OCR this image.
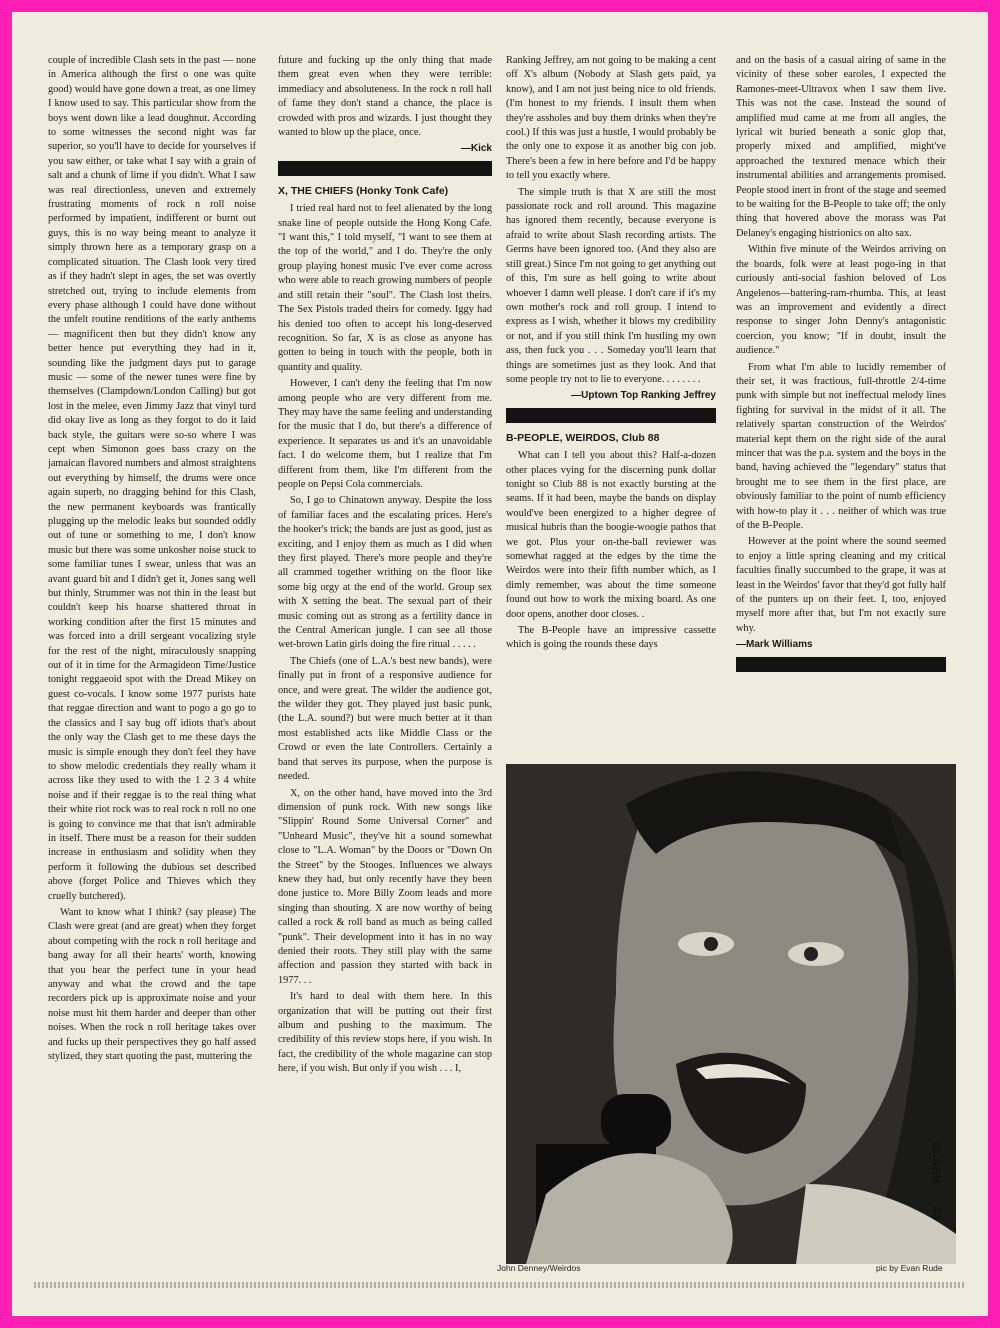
couple of incredible Clash sets in the past — none in America although the first o one was quite good) would have gone down a treat, as one limey I know used to say. This particular show from the boys went down like a lead doughnut. According to some witnesses the second night was far superior, so you'll have to decide for yourselves if you saw either, or take what I say with a grain of salt and a chunk of lime if you didn't. What I saw was real directionless, uneven and extremely frustrating moments of rock n roll noise performed by impatient, indifferent or burnt out guys, this is no way being meant to analyze it simply thrown here as a temporary grasp on a complicated situation. The Clash look very tired as if they hadn't slept in ages, the set was overtly stretched out, trying to include elements from every phase although I could have done without the unfelt routine renditions of the early anthems — magnificent then but they didn't know any better hence put everything they had in it, sounding like the judgment days put to garage music — some of the newer tunes were fine by themselves (Clampdown/London Calling) but got lost in the melee, even Jimmy Jazz that vinyl turd did okay live as long as they forgot to do it laid back style, the guitars were so-so where I was cept when Simonon goes bass crazy on the jamaican flavored numbers and almost straightens out everything by himself, the drums were once again superb, no dragging behind for this Clash, the new permanent keyboards was frantically plugging up the melodic leaks but sounded oddly out of tune or something to me, I don't know music but there was some unkosher noise stuck to some familiar tunes I swear, unless that was an avant guard bit and I didn't get it, Jones sang well but thinly, Strummer was not thin in the least but couldn't keep his hoarse shattered throat in working condition after the first 15 minutes and was forced into a drill sergeant vocalizing style for the rest of the night, miraculously snapping out of it in time for the Armagideon Time/Justice tonight reggaeoid spot with the Dread Mikey on guest co-vocals. I know some 1977 purists hate that reggae direction and want to pogo a go go to the classics and I say bug off idiots that's about the only way the Clash get to me these days the music is simple enough they don't feel they have to show melodic credentials they really wham it across like they used to with the 1 2 3 4 white noise and if their reggae is to the real thing what their white riot rock was to real rock n roll no one is going to convince me that that isn't admirable in itself. There must be a reason for their sudden increase in enthusiasm and solidity when they perform it following the dubious set described above (forget Police and Thieves which they cruelly butchered).

Want to know what I think? (say please) The Clash were great (and are great) when they forget about competing with the rock n roll heritage and bang away for all their hearts' worth, knowing that you hear the perfect tune in your head anyway and what the crowd and the tape recorders pick up is approximate noise and your noise must hit them harder and deeper than other noises. When the rock n roll heritage takes over and fucks up their perspectives they go half assed stylized, they start quoting the past, muttering the

future and fucking up the only thing that made them great even when they were terrible: immediacy and absoluteness. In the rock n roll hall of fame they don't stand a chance, the place is crowded with pros and wizards. I just thought they wanted to blow up the place, once.

—Kick
X, THE CHIEFS (Honky Tonk Cafe)

I tried real hard not to feel alienated by the long snake line of people outside the Hong Kong Cafe. "I want this," I told myself, "I want to see them at the top of the world," and I do. They're the only group playing honest music I've ever come across who were able to reach growing numbers of people and still retain their "soul". The Clash lost theirs. The Sex Pistols traded theirs for comedy. Iggy had his denied too often to accept his long-deserved recognition. So far, X is as close as anyone has gotten to being in touch with the people, both in quantity and quality.

However, I can't deny the feeling that I'm now among people who are very different from me. They may have the same feeling and understanding for the music that I do, but there's a difference of experience. It separates us and it's an unavoidable fact. I do welcome them, but I realize that I'm different from them, like I'm different from the people on Pepsi Cola commercials.

So, I go to Chinatown anyway. Despite the loss of familiar faces and the escalating prices. Here's the hooker's trick; the bands are just as good, just as exciting, and I enjoy them as much as I did when they first played. There's more people and they're all crammed together writhing on the floor like some big orgy at the end of the world. Group sex with X setting the beat. The sexual part of their music coming out as strong as a fertility dance in the Central American jungle. I can see all those wet-brown Latin girls doing the fire ritual . . . . .

The Chiefs (one of L.A.'s best new bands), were finally put in front of a responsive audience for once, and were great. The wilder the audience got, the wilder they got. They played just basic punk, (the L.A. sound?) but were much better at it than most established acts like Middle Class or the Crowd or even the late Controllers. Certainly a band that serves its purpose, when the purpose is needed.

X, on the other hand, have moved into the 3rd dimension of punk rock. With new songs like "Slippin' Round Some Universal Corner" and "Unheard Music", they've hit a sound somewhat close to "L.A. Woman" by the Doors or "Down On the Street" by the Stooges. Influences we always knew they had, but only recently have they been done justice to. More Billy Zoom leads and more singing than shouting. X are now worthy of being called a rock & roll band as much as being called "punk". Their development into it has in no way denied their roots. They still play with the same affection and passion they started with back in 1977. . .

It's hard to deal with them here. In this organization that will be putting out their first album and pushing to the maximum. The credibility of this review stops here, if you wish. In fact, the credibility of the whole magazine can stop here, if you wish. But only if you wish . . . I,

Ranking Jeffrey, am not going to be making a cent off X's album (Nobody at Slash gets paid, ya know), and I am not just being nice to old friends. (I'm honest to my friends. I insult them when they're assholes and buy them drinks when they're cool.) If this was just a hustle, I would probably be the only one to expose it as another big con job. There's been a few in here before and I'd be happy to tell you exactly where.

The simple truth is that X are still the most passionate rock and roll around. This magazine has ignored them recently, because everyone is afraid to write about Slash recording artists. The Germs have been ignored too. (And they also are still great.) Since I'm not going to get anything out of this, I'm sure as hell going to write about whoever I damn well please. I don't care if it's my own mother's rock and roll group. I intend to express as I wish, whether it blows my credibility or not, and if you still think I'm hustling my own ass, then fuck you . . . Someday you'll learn that things are sometimes just as they look. And that some people try not to lie to everyone. . . . . . . .

—Uptown Top Ranking Jeffrey
B-PEOPLE, WEIRDOS, Club 88

What can I tell you about this? Half-a-dozen other places vying for the discerning punk dollar tonight so Club 88 is not exactly bursting at the seams. If it had been, maybe the bands on display would've been energized to a higher degree of musical hubris than the boogie-woogie pathos that we got. Plus your on-the-ball reviewer was somewhat ragged at the edges by the time the Weirdos were into their fifth number which, as I dimly remember, was about the time someone found out how to work the mixing board. As one door opens, another door closes. .

The B-People have an impressive cassette which is going the rounds these days

and on the basis of a casual airing of same in the vicinity of these sober earoles, I expected the Ramones-meet-Ultravox when I saw them live. This was not the case. Instead the sound of amplified mud came at me from all angles, the lyrical wit buried beneath a sonic glop that, properly mixed and amplified, might've approached the textured menace which their instrumental abilities and arrangements promised. People stood inert in front of the stage and seemed to be waiting for the B-People to take off; the only thing that hovered above the morass was Pat Delaney's engaging histrionics on alto sax.

Within five minute of the Weirdos arriving on the boards, folk were at least pogo-ing in that curiously anti-social fashion beloved of Los Angelenos—battering-ram-rhumba. This, at least was an improvement and evidently a direct response to singer John Denny's antagonistic coercion, you know; "If in doubt, insult the audience."

From what I'm able to lucidly remember of their set, it was fractious, full-throttle 2/4-time punk with simple but not ineffectual melody lines fighting for survival in the midst of it all. The relatively spartan construction of the Weirdos' material kept them on the right side of the aural mincer that was the p.a. system and the boys in the band, having achieved the "legendary" status that brought me to see them in the first place, are obviously familiar to the point of numb efficiency with how-to play it . . . neither of which was true of the B-People.

However at the point where the sound seemed to enjoy a little spring cleaning and my critical faculties finally succumbed to the grape, it was at least in the Weirdos' favor that they'd got fully half of the punters up on their feet. I, too, enjoyed myself more after that, but I'm not exactly sure why.

—Mark Williams
John Denney/Weirdos	pic by Evan Rude
SLASH 33
